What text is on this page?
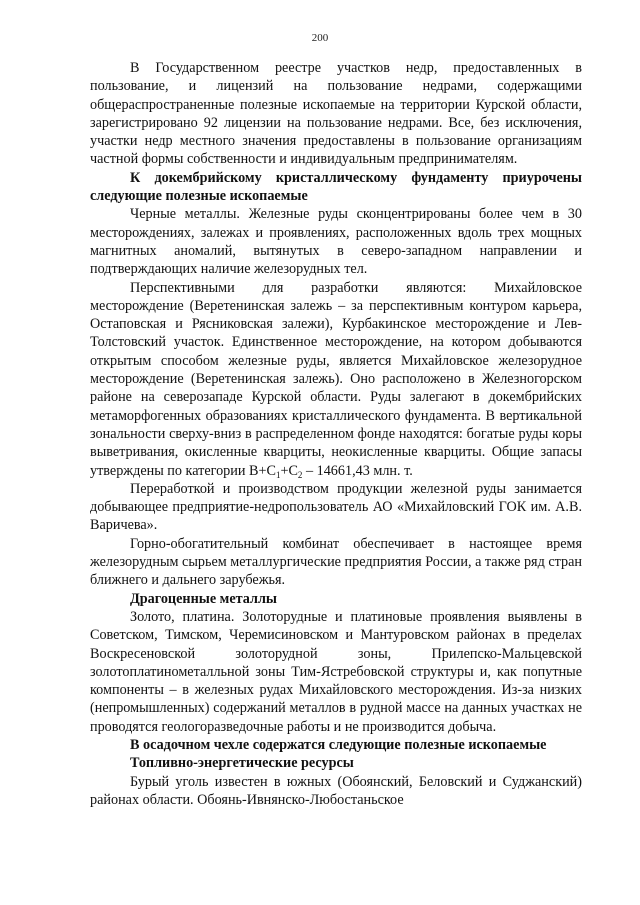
200

В Государственном реестре участков недр, предоставленных в пользование, и лицензий на пользование недрами, содержащими общераспространенные полезные ископаемые на территории Курской области, зарегистрировано 92 лицензии на пользование недрами. Все, без исключения, участки недр местного значения предоставлены в пользование организациям частной формы собственности и индивидуальным предпринимателям.

К докембрийскому кристаллическому фундаменту приурочены следующие полезные ископаемые

Черные металлы. Железные руды сконцентрированы более чем в 30 месторождениях, залежах и проявлениях, расположенных вдоль трех мощных магнитных аномалий, вытянутых в северо-западном направлении и подтверждающих наличие железорудных тел.

Перспективными для разработки являются: Михайловское месторождение (Веретенинская залежь – за перспективным контуром карьера, Остаповская и Рясниковская залежи), Курбакинское месторождение и Лев-Толстовский участок. Единственное месторождение, на котором добываются открытым способом железные руды, является Михайловское железорудное месторождение (Веретенинская залежь). Оно расположено в Железногорском районе на северозападе Курской области. Руды залегают в докембрийских метаморфогенных образованиях кристаллического фундамента. В вертикальной зональности сверху-вниз в распределенном фонде находятся: богатые руды коры выветривания, окисленные кварциты, неокисленные кварциты. Общие запасы утверждены по категории $В+С_1+С_2 - 14661,43$ млн. т.

Переработкой и производством продукции железной руды занимается добывающее предприятие-недропользователь АО «Михайловский ГОК им. А.В. Варичева».

Горно-обогатительный комбинат обеспечивает в настоящее время железорудным сырьем металлургические предприятия России, а также ряд стран ближнего и дальнего зарубежья.

Драгоценные металлы

Золото, платина. Золоторудные и платиновые проявления выявлены в Советском, Тимском, Черемисиновском и Мантуровском районах в пределах Воскресеновской золоторудной зоны, Прилепско-Мальцевской золотоплатинометалльной зоны Тим-Ястребовской структуры и, как попутные компоненты – в железных рудах Михайловского месторождения. Из-за низких (непромышленных) содержаний металлов в рудной массе на данных участках не проводятся геологоразведочные работы и не производится добыча.

В осадочном чехле содержатся следующие полезные ископаемые

Топливно-энергетические ресурсы

Бурый уголь известен в южных (Обоянский, Беловский и Суджанский) районах области. Обоянь-Ивнянско-Любостаньское
